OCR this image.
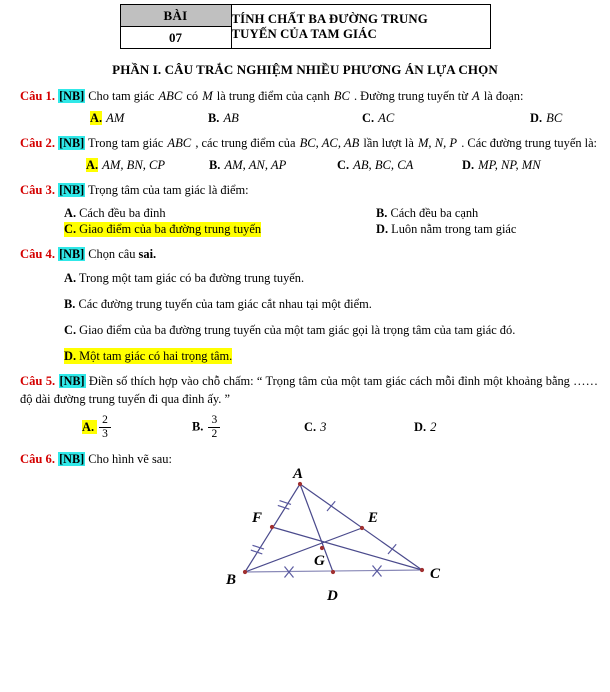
BÀI	TÍNH CHẤT BA ĐƯỜNG TRUNG
TUYẾN CỦA TAM GIÁC

07
PHẦN I. CÂU TRẮC NGHIỆM NHIỀU PHƯƠNG ÁN LỰA CHỌN
Câu 1. [NB] Cho tam giác ABC có M là trung điểm của cạnh BC . Đường trung tuyến từ A là đoạn:
A. AM	B. AB	C. AC	D. BC
Câu 2. [NB] Trong tam giác ABC , các trung điểm của BC, AC, AB lần lượt là M, N, P . Các đường trung tuyến là:
A. AM, BN, CP	B. AM, AN, AP	C. AB, BC, CA	D. MP, NP, MN
Câu 3. [NB] Trọng tâm của tam giác là điểm:
A. Cách đều ba đỉnh	B. Cách đều ba cạnh
C. Giao điểm của ba đường trung tuyến	D. Luôn nằm trong tam giác
Câu 4. [NB] Chọn câu sai.
A. Trong một tam giác có ba đường trung tuyến.
B. Các đường trung tuyến của tam giác cắt nhau tại một điểm.
C. Giao điểm của ba đường trung tuyến của một tam giác gọi là trọng tâm của tam giác đó.
D. Một tam giác có hai trọng tâm.
Câu 5. [NB] Điền số thích hợp vào chỗ chấm: “ Trọng tâm của một tam giác cách mỗi đỉnh một khoảng bằng ……độ dài đường trung tuyến đi qua đỉnh ấy. ”
A. $\frac{2}{3}$	B. $\frac{3}{2}$	C. 3	D. 2
Câu 6. [NB] Cho hình vẽ sau:
A
B	C
D
E
F
G
